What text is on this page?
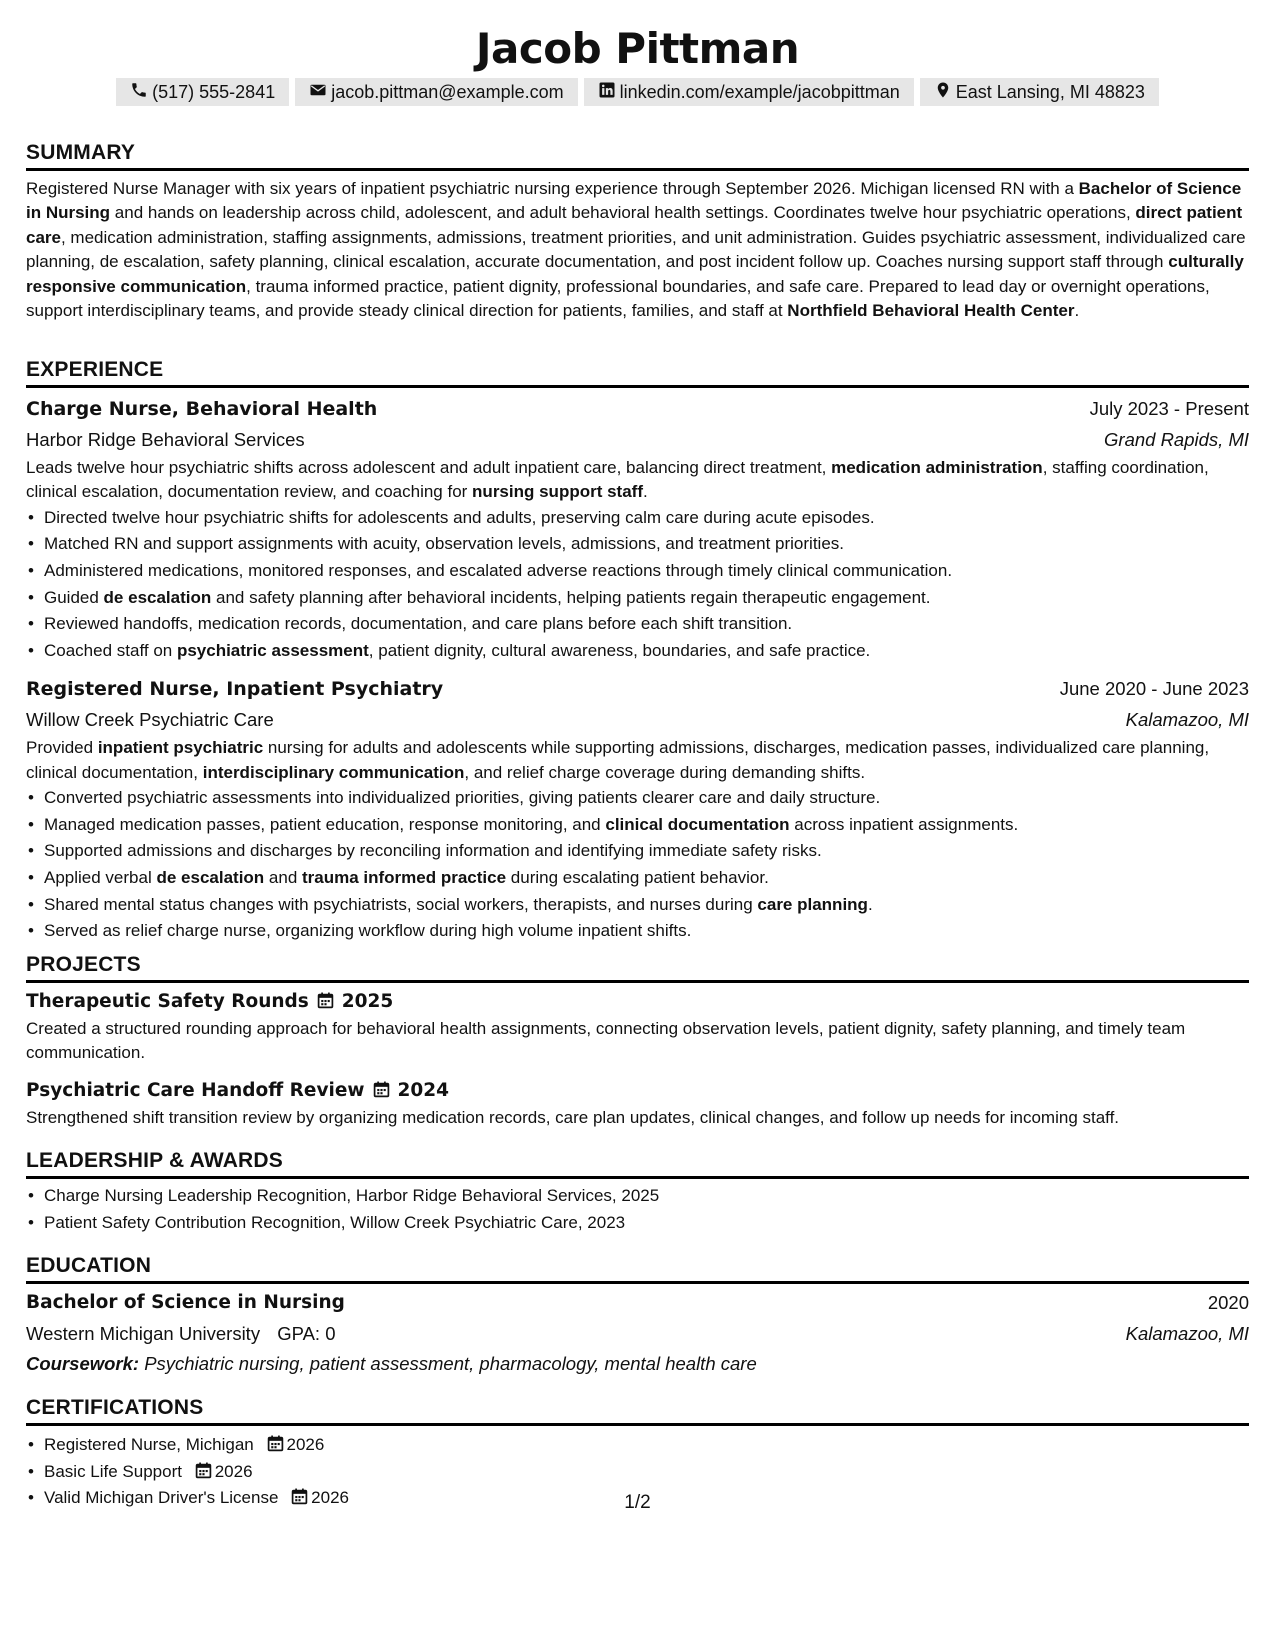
Jacob Pittman
(517) 555-2841	jacob.pittman@example.com	linkedin.com/example/jacobpittman	East Lansing, MI 48823
SUMMARY
Registered Nurse Manager with six years of inpatient psychiatric nursing experience through September 2026. Michigan licensed RN with a Bachelor of Science in Nursing and hands on leadership across child, adolescent, and adult behavioral health settings. Coordinates twelve hour psychiatric operations, direct patient care, medication administration, staffing assignments, admissions, treatment priorities, and unit administration. Guides psychiatric assessment, individualized care planning, de escalation, safety planning, clinical escalation, accurate documentation, and post incident follow up. Coaches nursing support staff through culturally responsive communication, trauma informed practice, patient dignity, professional boundaries, and safe care. Prepared to lead day or overnight operations, support interdisciplinary teams, and provide steady clinical direction for patients, families, and staff at Northfield Behavioral Health Center.
EXPERIENCE
Charge Nurse, Behavioral Health	July 2023 - Present
Harbor Ridge Behavioral Services	Grand Rapids, MI
Leads twelve hour psychiatric shifts across adolescent and adult inpatient care, balancing direct treatment, medication administration, staffing coordination, clinical escalation, documentation review, and coaching for nursing support staff.
• Directed twelve hour psychiatric shifts for adolescents and adults, preserving calm care during acute episodes.
• Matched RN and support assignments with acuity, observation levels, admissions, and treatment priorities.
• Administered medications, monitored responses, and escalated adverse reactions through timely clinical communication.
• Guided de escalation and safety planning after behavioral incidents, helping patients regain therapeutic engagement.
• Reviewed handoffs, medication records, documentation, and care plans before each shift transition.
• Coached staff on psychiatric assessment, patient dignity, cultural awareness, boundaries, and safe practice.
Registered Nurse, Inpatient Psychiatry	June 2020 - June 2023
Willow Creek Psychiatric Care	Kalamazoo, MI
Provided inpatient psychiatric nursing for adults and adolescents while supporting admissions, discharges, medication passes, individualized care planning, clinical documentation, interdisciplinary communication, and relief charge coverage during demanding shifts.
• Converted psychiatric assessments into individualized priorities, giving patients clearer care and daily structure.
• Managed medication passes, patient education, response monitoring, and clinical documentation across inpatient assignments.
• Supported admissions and discharges by reconciling information and identifying immediate safety risks.
• Applied verbal de escalation and trauma informed practice during escalating patient behavior.
• Shared mental status changes with psychiatrists, social workers, therapists, and nurses during care planning.
• Served as relief charge nurse, organizing workflow during high volume inpatient shifts.
PROJECTS
Therapeutic Safety Rounds 2025
Created a structured rounding approach for behavioral health assignments, connecting observation levels, patient dignity, safety planning, and timely team communication.
Psychiatric Care Handoff Review 2024
Strengthened shift transition review by organizing medication records, care plan updates, clinical changes, and follow up needs for incoming staff.
LEADERSHIP & AWARDS
• Charge Nursing Leadership Recognition, Harbor Ridge Behavioral Services, 2025
• Patient Safety Contribution Recognition, Willow Creek Psychiatric Care, 2023
EDUCATION
Bachelor of Science in Nursing	2020
Western Michigan University GPA: 0	Kalamazoo, MI
Coursework: Psychiatric nursing, patient assessment, pharmacology, mental health care
CERTIFICATIONS
• Registered Nurse, Michigan 2026
• Basic Life Support 2026
• Valid Michigan Driver's License 2026	1/2
